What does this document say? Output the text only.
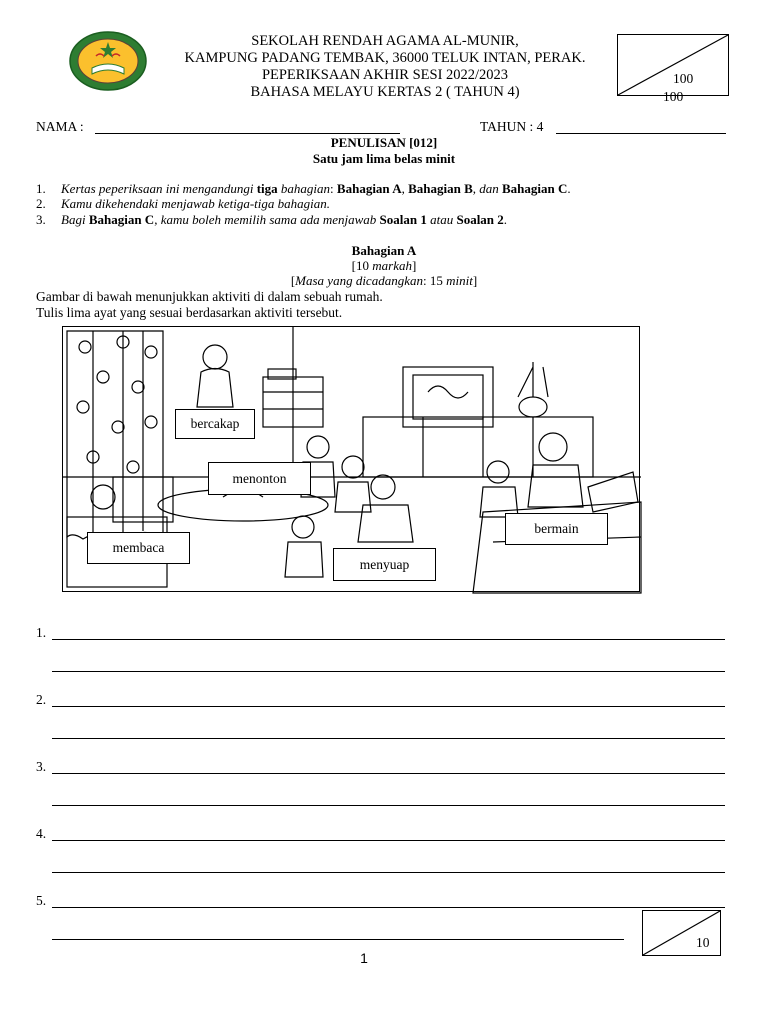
SEKOLAH RENDAH AGAMA AL-MUNIR,
KAMPUNG PADANG TEMBAK, 36000 TELUK INTAN, PERAK.
PEPERIKSAAN AKHIR SESI 2022/2023
BAHASA MELAYU KERTAS 2 ( TAHUN 4)
100
100
NAMA :	TAHUN : 4
PENULISAN [012]
Satu jam lima belas minit
1. Kertas peperiksaan ini mengandungi tiga bahagian: Bahagian A, Bahagian B, dan Bahagian C.
2. Kamu dikehendaki menjawab ketiga-tiga bahagian.
3. Bagi Bahagian C, kamu boleh memilih sama ada menjawab Soalan 1 atau Soalan 2.
Bahagian A
[10 markah]
[Masa yang dicadangkan: 15 minit]
Gambar di bawah menunjukkan aktiviti di dalam sebuah rumah.
Tulis lima ayat yang sesuai berdasarkan aktiviti tersebut.
bercakap
menonton
membaca
menyuap
bermain
1.
2.
3.
4.
5.
10
1
